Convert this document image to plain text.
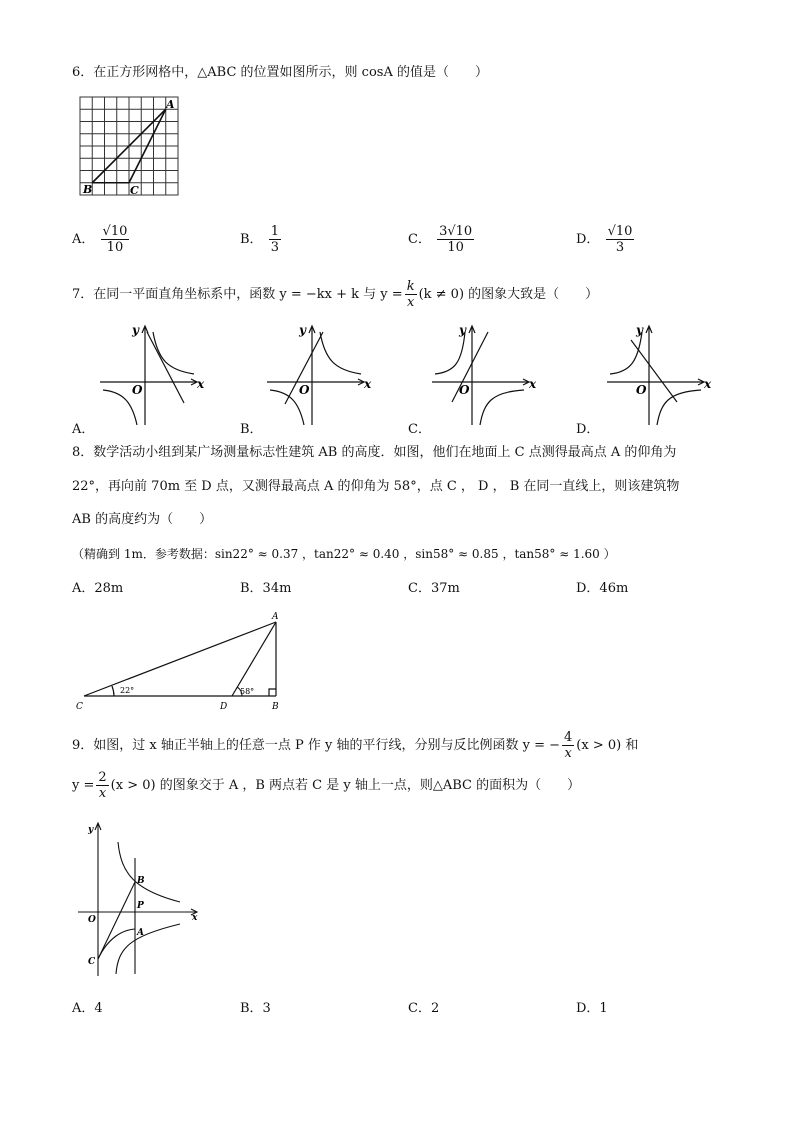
6．在正方形网格中，△ABC 的位置如图所示，则 cosA 的值是（　　）
A
B	C
A． $\frac{√10}{10}$	B． $\frac{1}{3}$	C． $\frac{3√10}{10}$	D． $\frac{√10}{3}$
7．在同一平面直角坐标系中，函数 y = −kx + k 与 $y = \frac{k}{x} (k \ne 0)$ 的图象大致是（　　）
y
x
O
A．
y
x
O
B．
y
x
O
C．
y
x
O
D．
8．数学活动小组到某广场测量标志性建筑 AB 的高度．如图，他们在地面上 C 点测得最高点 A 的仰角为
22°，再向前 70m 至 D 点，又测得最高点 A 的仰角为 58°，点 C ， D ， B 在同一直线上，则该建筑物
AB 的高度约为（　　）
（精确到 1m．参考数据：sin22° ≈ 0.37 ，tan22° ≈ 0.40 ，sin58° ≈ 0.85 ，tan58° ≈ 1.60 ）
A．28m	B．34m	C．37m	D．46m
A
B
C	D
22°	58°
9．如图，过 x 轴正半轴上的任意一点 P 作 y 轴的平行线，分别与反比例函数 y = − $\frac{4}{x} (x > 0)$ 和
$y = \frac{2}{x} (x > 0)$ 的图象交于 A ，B 两点若 C 是 y 轴上一点，则△ABC 的面积为（　　）
y
x
O
B
P
A
C
A．4	B．3	C．2	D．1
